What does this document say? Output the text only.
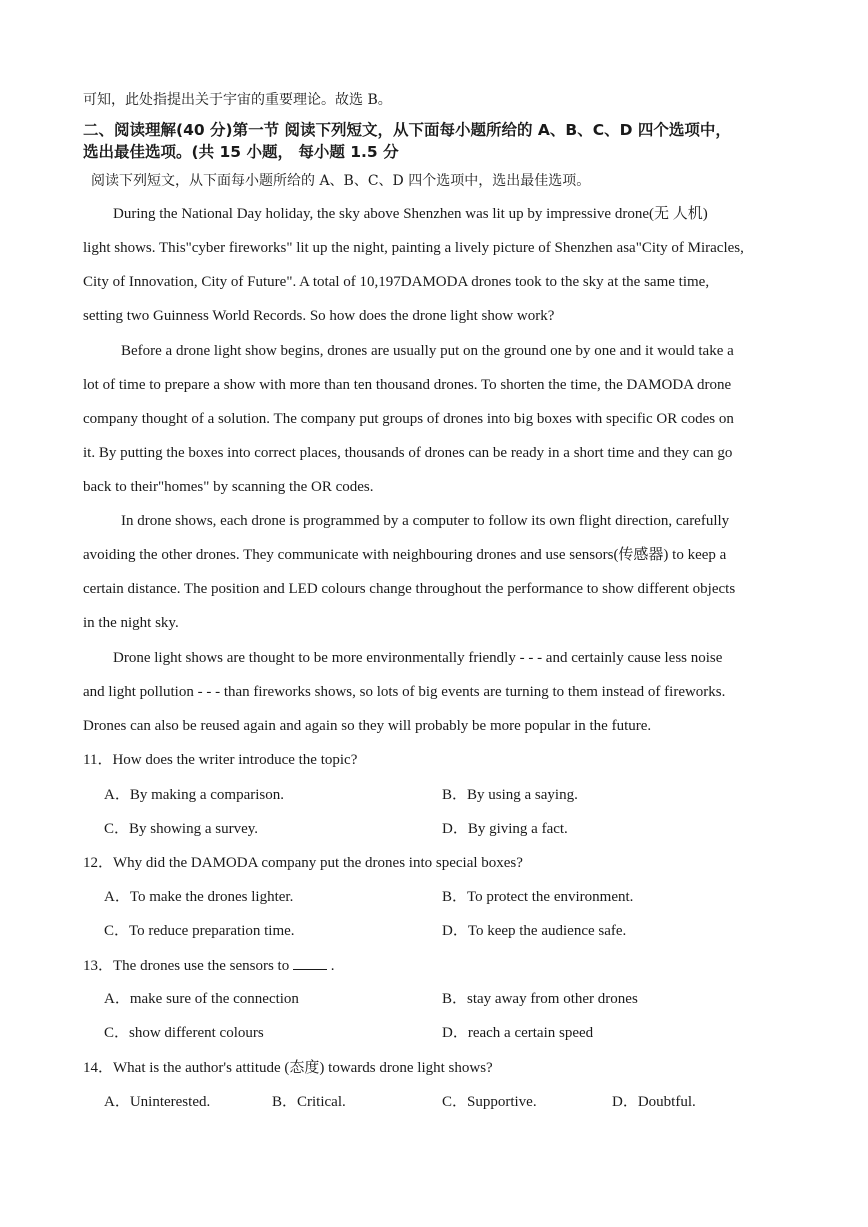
可知，此处指提出关于宇宙的重要理论。故选 B。
二、阅读理解(40 分)第一节 阅读下列短文，从下面每小题所给的 A、B、C、D 四个选项中，
选出最佳选项。(共 15 小题， 每小题 1.5 分
阅读下列短文，从下面每小题所给的 A、B、C、D 四个选项中，选出最佳选项。
During the National Day holiday, the sky above Shenzhen was lit up by impressive drone(无 人机)
light shows. This"cyber fireworks" lit up the night, painting a lively picture of Shenzhen asa"City of Miracles,
City of Innovation, City of Future". A total of 10,197DAMODA drones took to the sky at the same time,
setting two Guinness World Records. So how does the drone light show work?
Before a drone light show begins, drones are usually put on the ground one by one and it would take a
lot of time to prepare a show with more than ten thousand drones. To shorten the time, the DAMODA drone
company thought of a solution. The company put groups of drones into big boxes with specific OR codes on
it. By putting the boxes into correct places, thousands of drones can be ready in a short time and they can go
back to their"homes" by scanning the OR codes.
In drone shows, each drone is programmed by a computer to follow its own flight direction, carefully
avoiding the other drones. They communicate with neighbouring drones and use sensors(传感器) to keep a
certain distance. The position and LED colours change throughout the performance to show different objects
in the night sky.
Drone light shows are thought to be more environmentally friendly - - - and certainly cause less noise
and light pollution - - - than fireworks shows, so lots of big events are turning to them instead of fireworks.
Drones can also be reused again and again so they will probably be more popular in the future.
11．How does the writer introduce the topic?
A．By making a comparison.	B．By using a saying.
C．By showing a survey.	D．By giving a fact.
12．Why did the DAMODA company put the drones into special boxes?
A．To make the drones lighter.	B．To protect the environment.
C．To reduce preparation time.	D．To keep the audience safe.
13．The drones use the sensors to	.
A．make sure of the connection	B．stay away from other drones
C．show different colours	D．reach a certain speed
14．What is the author's attitude (态度) towards drone light shows?
A．Uninterested.	B．Critical.	C．Supportive.	D．Doubtful.
